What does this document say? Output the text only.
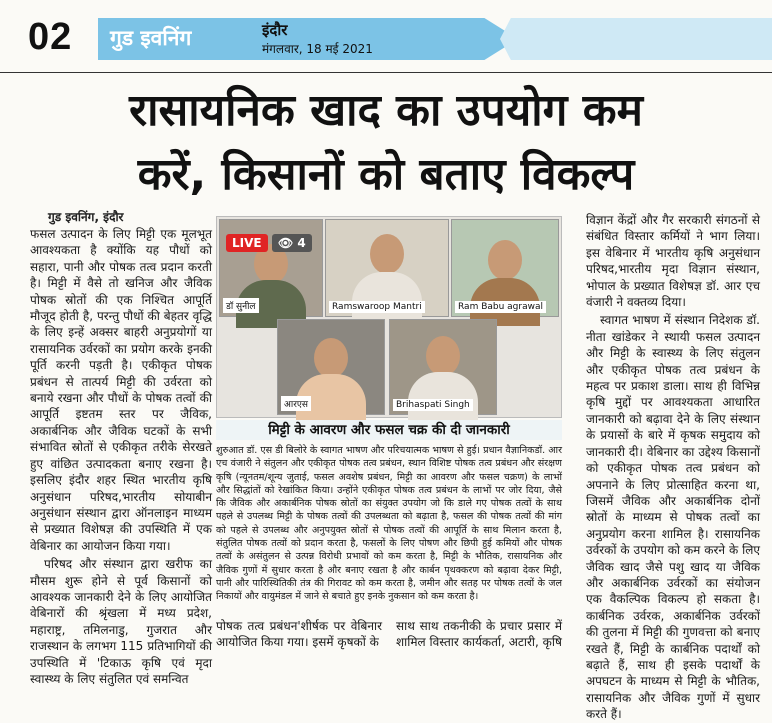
02 गुड इवनिंग	इंदौर
मंगलवार, 18 मई 2021
रासायनिक खाद का उपयोग कम
करें, किसानों को बताए विकल्प
गुड इवनिंग, इंदौर

फसल उत्पादन के लिए मिट्टी एक मूलभूत आवश्यकता है क्योंकि यह पौधों को सहारा, पानी और पोषक तत्व प्रदान करती है। मिट्टी में वैसे तो खनिज और जैविक पोषक स्रोतों की एक निश्चित आपूर्ति मौजूद होती है, परन्तु पौधों की बेहतर वृद्धि के लिए इन्हें अक्सर बाहरी अनुप्रयोगों या रासायनिक उर्वरकों का प्रयोग करके इनकी पूर्ति करनी पड़ती है। एकीकृत पोषक प्रबंधन से तात्पर्य मिट्टी की उर्वरता को बनाये रखना और पौधों के पोषक तत्वों की आपूर्ति इष्टतम स्तर पर जैविक, अकार्बनिक और जैविक घटकों के सभी संभावित स्रोतों से एकीकृत तरीके सेरखते हुए वांछित उत्पादकता बनाए रखना है। इसलिए इंदौर शहर स्थित भारतीय कृषि अनुसंधान परिषद,भारतीय सोयाबीन अनुसंधान संस्थान द्वारा ऑनलाइन माध्यम से प्रख्यात विशेषज्ञ की उपस्थिति में एक वेबिनार का आयोजन किया गया।

परिषद और संस्थान द्वारा खरीफ का मौसम शुरू होने से पूर्व किसानों को आवश्यक जानकारी देने के लिए आयोजित वेबिनारों की श्रृंखला में मध्य प्रदेश, महाराष्ट्र, तमिलनाडु, गुजरात और राजस्थान के लगभग 115 प्रतिभागियों की उपस्थिति में 'टिकाऊ कृषि एवं मृदा स्वास्थ्य के लिए संतुलित एवं समन्वित

डॉ सुनील	Ramswaroop Mantri	Ram Babu agrawal
आरएस	Brihaspati Singh
LIVE	👁 4
मिट्टी के आवरण और फसल चक्र की दी जानकारी
शुरुआत डॉ. एस डी बिलोरे के स्वागत भाषण और परिचयात्मक भाषण से हुई। प्रधान वैज्ञानिकडॉ. आर एच वंजारी ने संतुलन और एकीकृत पोषक तत्व प्रबंधन, स्थान विशिष्ट पोषक तत्व प्रबंधन और संरक्षण कृषि (न्यूनतम/शून्य जुताई, फसल अवशेष प्रबंधन, मिट्टी का आवरण और फसल चक्रण) के लाभों और सिद्धांतों को रेखांकित किया। उन्होंने एकीकृत पोषक तत्व प्रबंधन के लाभों पर जोर दिया, जैसे कि जैविक और अकार्बनिक पोषक स्रोतों का संयुक्त उपयोग जो कि डाले गए पोषक तत्वों के साथ पहले से उपलब्ध मिट्टी के पोषक तत्वों की उपलब्धता को बढ़ाता है, फसल की पोषक तत्वों की मांग को पहले से उपलब्ध और अनुपयुक्त स्रोतों से पोषक तत्वों की आपूर्ति के साथ मिलान करता है, संतुलित पोषक तत्वों को प्रदान करता है, फसलों के लिए पोषण और छिपी हुई कमियों और पोषक तत्वों के असंतुलन से उत्पन्न विरोधी प्रभावों को कम करता है, मिट्टी के भौतिक, रासायनिक और जैविक गुणों में सुधार करता है और बनाए रखता है और कार्बन पृथक्करण को बढ़ावा देकर मिट्टी, पानी और पारिस्थितिकी तंत्र की गिरावट को कम करता है, जमीन और सतह पर पोषक तत्वों के जल निकायों और वायुमंडल में जाने से बचाते हुए इनके नुकसान को कम करता है।
पोषक तत्व प्रबंधन'शीर्षक पर वेबिनार आयोजित किया गया। इसमें कृषकों के
साथ साथ तकनीकी के प्रचार प्रसार में शामिल विस्तार कार्यकर्ता, अटारी, कृषि

विज्ञान केंद्रों और गैर सरकारी संगठनों से संबंधित विस्तार कर्मियों ने भाग लिया। इस वेबिनार में भारतीय कृषि अनुसंधान परिषद,भारतीय मृदा विज्ञान संस्थान, भोपाल के प्रख्यात विशेषज्ञ डॉ. आर एच वंजारी ने वक्तव्य दिया।

स्वागत भाषण में संस्थान निदेशक डॉ. नीता खांडेकर ने स्थायी फसल उत्पादन और मिट्टी के स्वास्थ्य के लिए संतुलन और एकीकृत पोषक तत्व प्रबंधन के महत्व पर प्रकाश डाला। साथ ही विभिन्न कृषि मुद्दों पर आवश्यकता आधारित जानकारी को बढ़ावा देने के लिए संस्थान के प्रयासों के बारे में कृषक समुदाय को जानकारी दी। वेबिनार का उद्देश्य किसानों को एकीकृत पोषक तत्व प्रबंधन को अपनाने के लिए प्रोत्साहित करना था, जिसमें जैविक और अकार्बनिक दोनों स्रोतों के माध्यम से पोषक तत्वों का अनुप्रयोग करना शामिल है। रासायनिक उर्वरकों के उपयोग को कम करने के लिए जैविक खाद जैसे पशु खाद या जैविक और अकार्बनिक उर्वरकों का संयोजन एक वैकल्पिक विकल्प हो सकता है। कार्बनिक उर्वरक, अकार्बनिक उर्वरकों की तुलना में मिट्टी की गुणवत्ता को बनाए रखते हैं, मिट्टी के कार्बनिक पदार्थों को बढ़ाते हैं, साथ ही इसके पदार्थों के अपघटन के माध्यम से मिट्टी के भौतिक, रासायनिक और जैविक गुणों में सुधार करते हैं।
